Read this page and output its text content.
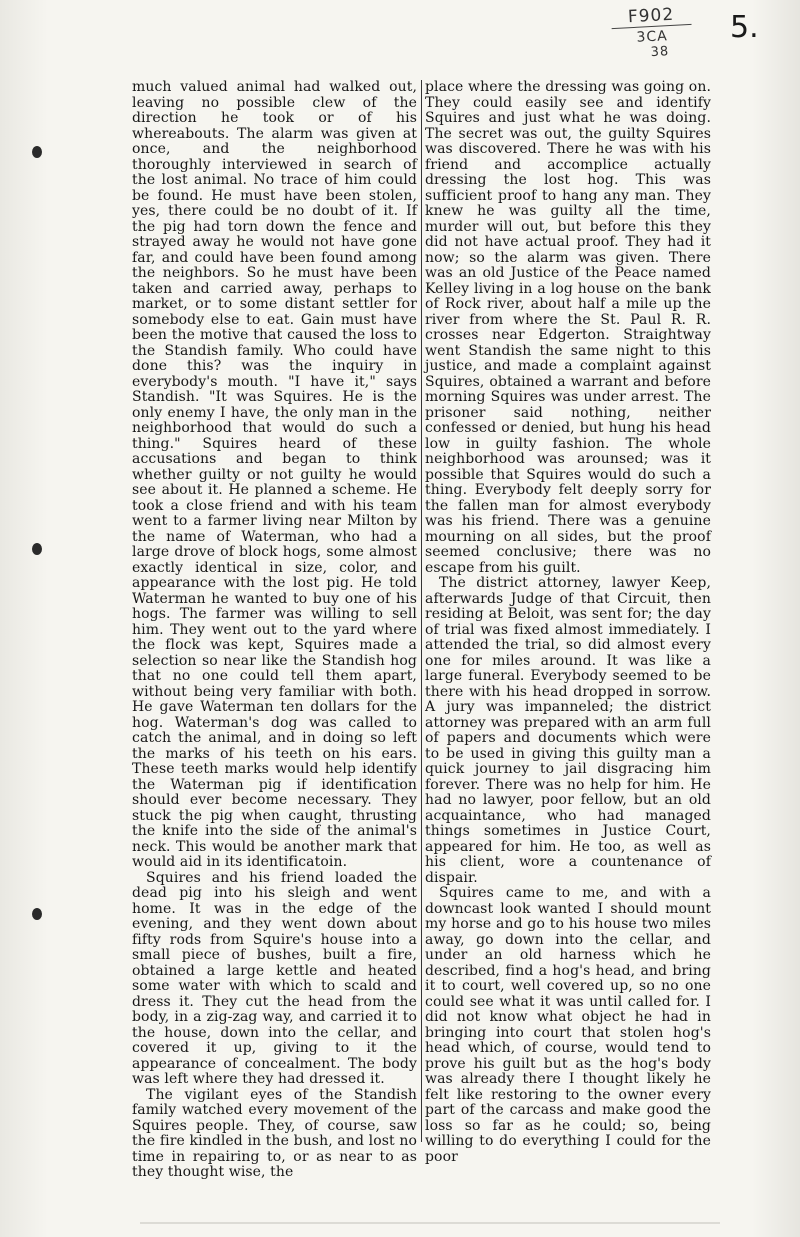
F902
3CA
38
5.

much valued animal had walked out, leaving no possible clew of the direction he took or of his whereabouts. The alarm was given at once, and the neighborhood thoroughly interviewed in search of the lost animal. No trace of him could be found. He must have been stolen, yes, there could be no doubt of it. If the pig had torn down the fence and strayed away he would not have gone far, and could have been found among the neighbors. So he must have been taken and carried away, perhaps to market, or to some distant settler for somebody else to eat. Gain must have been the motive that caused the loss to the Standish family. Who could have done this? was the inquiry in everybody's mouth. "I have it," says Standish. "It was Squires. He is the only enemy I have, the only man in the neighborhood that would do such a thing." Squires heard of these accusations and began to think whether guilty or not guilty he would see about it. He planned a scheme. He took a close friend and with his team went to a farmer living near Milton by the name of Waterman, who had a large drove of block hogs, some almost exactly identical in size, color, and appearance with the lost pig. He told Waterman he wanted to buy one of his hogs. The farmer was willing to sell him. They went out to the yard where the flock was kept, Squires made a selection so near like the Standish hog that no one could tell them apart, without being very familiar with both. He gave Waterman ten dollars for the hog. Waterman's dog was called to catch the animal, and in doing so left the marks of his teeth on his ears. These teeth marks would help identify the Waterman pig if identification should ever become necessary. They stuck the pig when caught, thrusting the knife into the side of the animal's neck. This would be another mark that would aid in its identificatoin.

Squires and his friend loaded the dead pig into his sleigh and went home. It was in the edge of the evening, and they went down about fifty rods from Squire's house into a small piece of bushes, built a fire, obtained a large kettle and heated some water with which to scald and dress it. They cut the head from the body, in a zig-zag way, and carried it to the house, down into the cellar, and covered it up, giving to it the appearance of concealment. The body was left where they had dressed it.

The vigilant eyes of the Standish family watched every movement of the Squires people. They, of course, saw the fire kindled in the bush, and lost no time in repairing to, or as near to as they thought wise, the

place where the dressing was going on. They could easily see and identify Squires and just what he was doing. The secret was out, the guilty Squires was discovered. There he was with his friend and accomplice actually dressing the lost hog. This was sufficient proof to hang any man. They knew he was guilty all the time, murder will out, but before this they did not have actual proof. They had it now; so the alarm was given. There was an old Justice of the Peace named Kelley living in a log house on the bank of Rock river, about half a mile up the river from where the St. Paul R. R. crosses near Edgerton. Straightway went Standish the same night to this justice, and made a complaint against Squires, obtained a warrant and before morning Squires was under arrest. The prisoner said nothing, neither confessed or denied, but hung his head low in guilty fashion. The whole neighborhood was arounsed; was it possible that Squires would do such a thing. Everybody felt deeply sorry for the fallen man for almost everybody was his friend. There was a genuine mourning on all sides, but the proof seemed conclusive; there was no escape from his guilt.

The district attorney, lawyer Keep, afterwards Judge of that Circuit, then residing at Beloit, was sent for; the day of trial was fixed almost immediately. I attended the trial, so did almost every one for miles around. It was like a large funeral. Everybody seemed to be there with his head dropped in sorrow. A jury was impanneled; the district attorney was prepared with an arm full of papers and documents which were to be used in giving this guilty man a quick journey to jail disgracing him forever. There was no help for him. He had no lawyer, poor fellow, but an old acquaintance, who had managed things sometimes in Justice Court, appeared for him. He too, as well as his client, wore a countenance of dispair.

Squires came to me, and with a downcast look wanted I should mount my horse and go to his house two miles away, go down into the cellar, and under an old harness which he described, find a hog's head, and bring it to court, well covered up, so no one could see what it was until called for. I did not know what object he had in bringing into court that stolen hog's head which, of course, would tend to prove his guilt but as the hog's body was already there I thought likely he felt like restoring to the owner every part of the carcass and make good the loss so far as he could; so, being willing to do everything I could for the poor
